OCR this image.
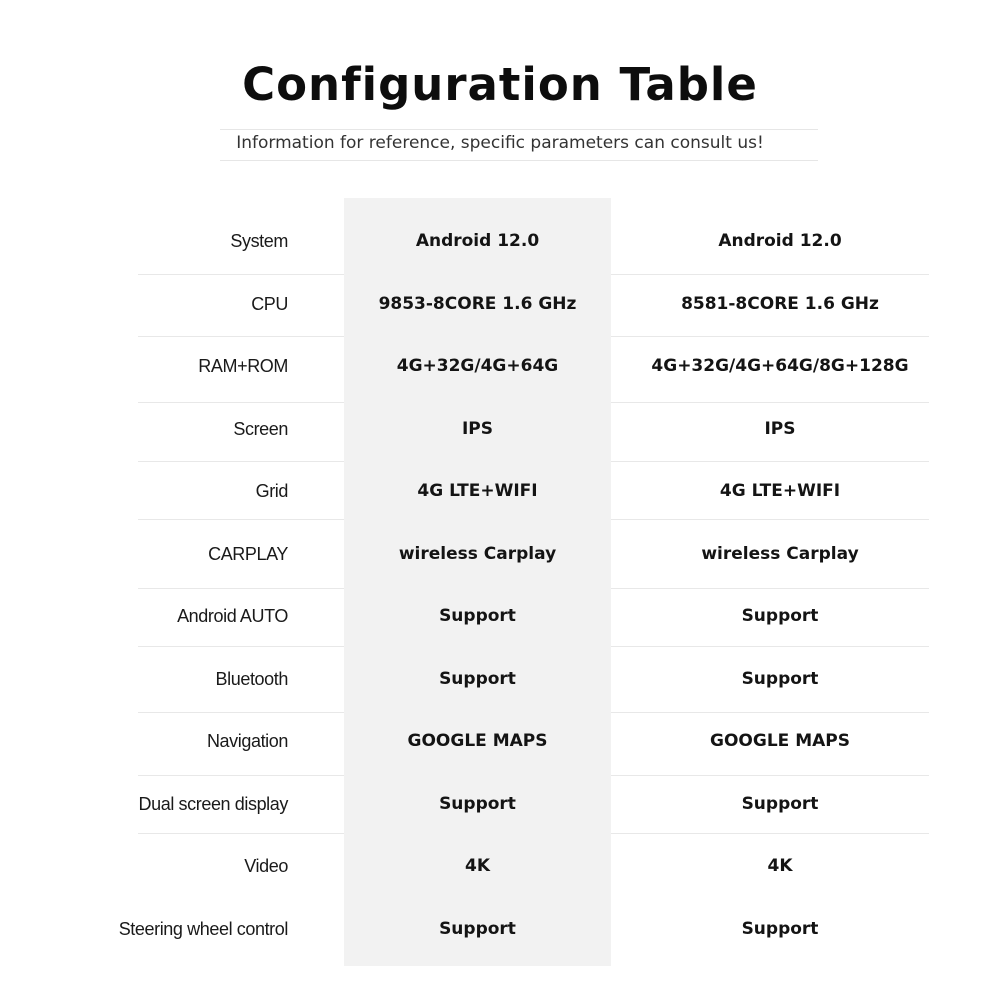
Configuration Table
Information for reference, specific parameters can consult us!
System	Android 12.0	Android 12.0
CPU	9853-8CORE 1.6 GHz	8581-8CORE 1.6 GHz
RAM+ROM	4G+32G/4G+64G	4G+32G/4G+64G/8G+128G
Screen	IPS	IPS
Grid	4G LTE+WIFI	4G LTE+WIFI
CARPLAY	wireless Carplay	wireless Carplay
Android AUTO	Support	Support
Bluetooth	Support	Support
Navigation	GOOGLE MAPS	GOOGLE MAPS
Dual screen display	Support	Support
Video	4K	4K
Steering wheel control	Support	Support
